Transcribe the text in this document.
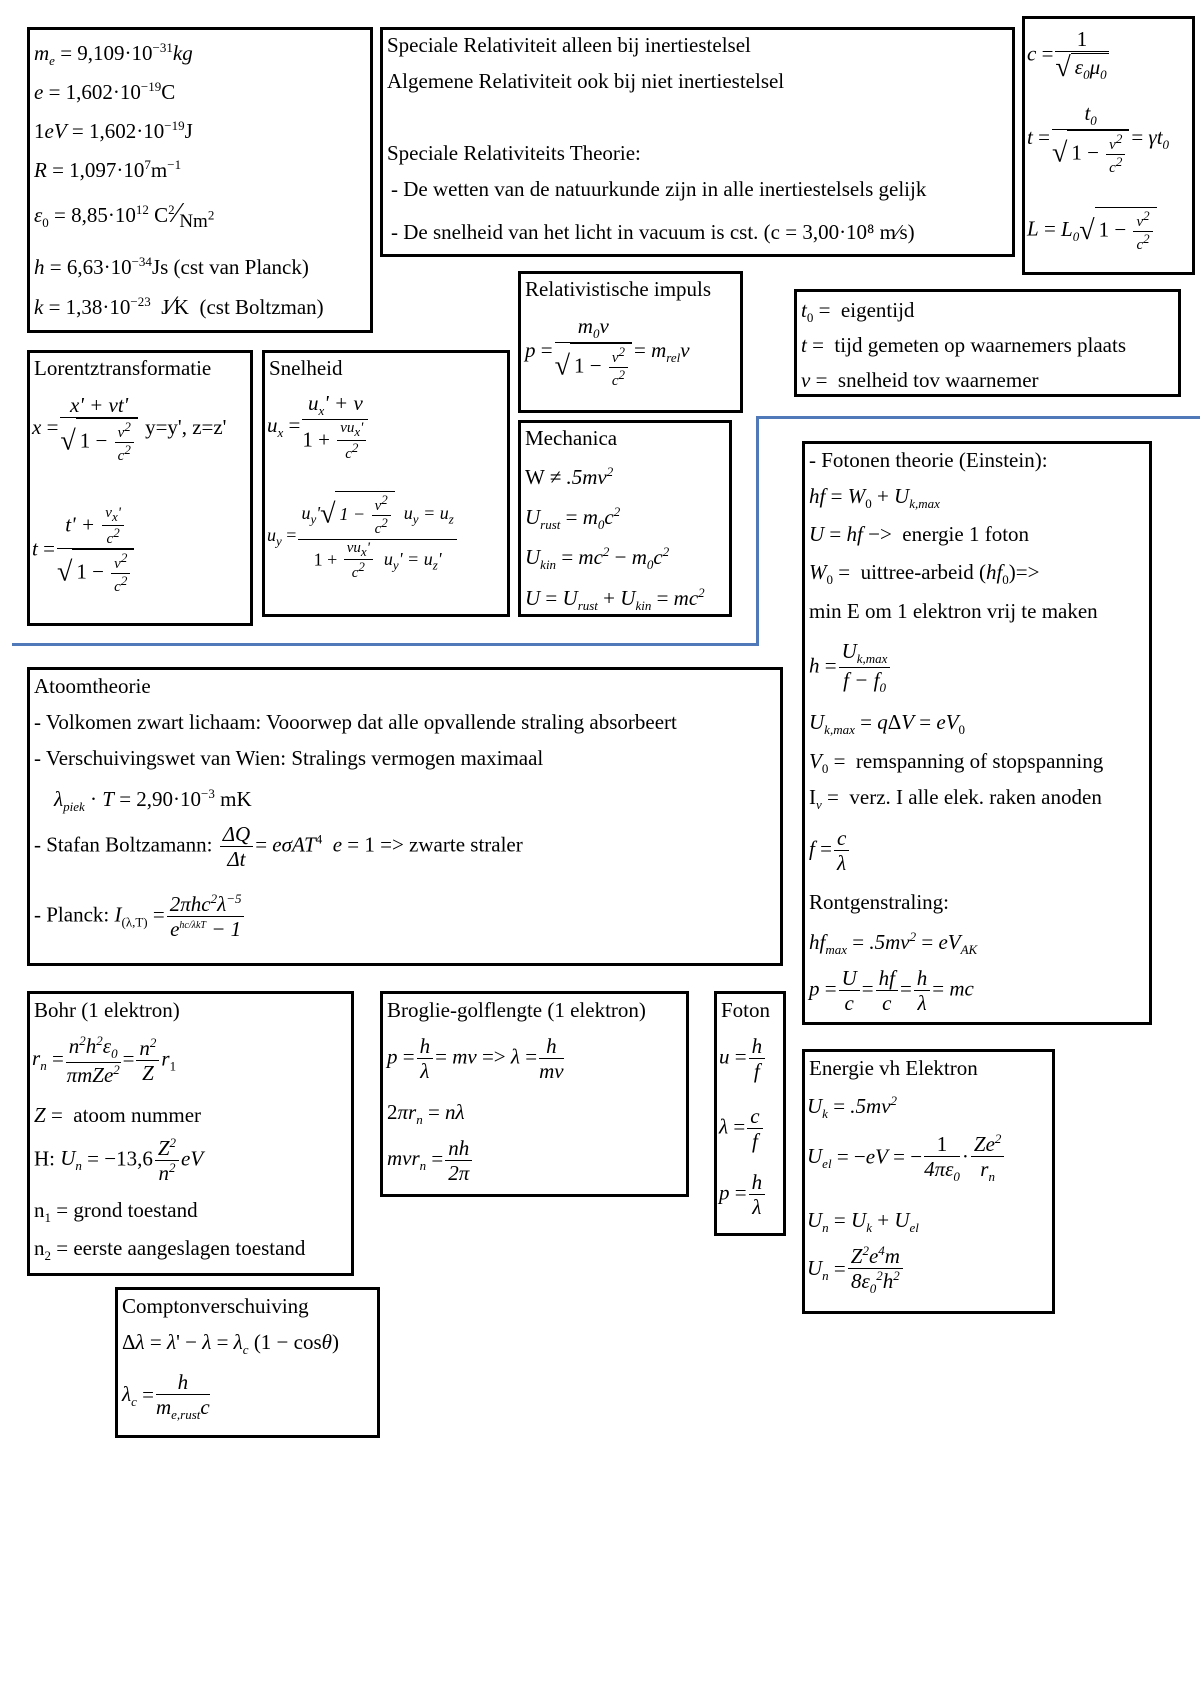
$m_e = 9,109\cdot 10^{-31}kg$
$e = 1,602\cdot 10^{-19}C$
$1eV = 1,602\cdot 10^{-19}J$
$R = 1,097\cdot 10^7m^{-1}$
$\varepsilon_0 = 8,85\cdot 10^{12}$ $C^2⁄_{Nm^2}$
$h = 6,63\cdot 10^{-34}Js$ (cst van Planck)
$k = 1,38\cdot 10^{-23}$  J⁄K  (cst Boltzman)
Speciale Relativiteit alleen bij inertiestelsel
Algemene Relativiteit ook bij niet inertiestelsel
Speciale Relativiteits Theorie:
- De wetten van de natuurkunde zijn in alle inertiestelsels gelijk
- De snelheid van het licht in vacuum is cst. (c = 3,00·10⁸ m⁄s)
$c = \frac{1}{√ \varepsilon_0\mu_0}$
$t = \frac{t_0}{√ 1 - \frac{v^2}{c^2}} = \gamma t_0$
$L = L_0√$ $1 - \frac{v^2}{c^2}$
Relativistische impuls
$p = \frac{m_0v}{√ 1 - \frac{v^2}{c^2}} = m_{rel}v$
$t_0$ =  eigentijd
t =  tijd gemeten op waarnemers plaats
v =  snelheid tov waarnemer
Lorentztransformatie
$x = \frac{x' + vt'}{√ 1 - \frac{v^2}{c^2}} y=y'$, z=z'
$t = \frac{t' + \frac{v_x'}{c^2}}{√ 1 - \frac{v^2}{c^2}}$
Snelheid
$u_x = \frac{u_x' + v}{1 + \frac{vu_x'}{c^2}}$
$u_y = \frac{u_y'√ 1 - \frac{v^2}{c^2} u_y = u_z}{1 + \frac{vu_x'}{c^2} u_y' = u_z'}$
Mechanica
$W \ne .5mv^2$
$U_{rust} = m_0c^2$
$U_{kin} = mc^2 - m_0c^2$
$U = U_{rust} + U_{kin} = mc^2$
- Fotonen theorie (Einstein):
hf = $W_0 + U_{k,max}$
U = hf −>  energie 1 foton
$W_0$ =  uittree-arbeid $(hf_0)=>$
min E om 1 elektron vrij te maken
$h = \frac{U_{k,max}}{f - f_0}$
$U_{k,max} = q\Delta V = eV_0$
$V_0$ =  remspanning of stopspanning
$I_v$ =  verz. I alle elek. raken anoden
$f = \frac{c}{\lambda}$
Rontgenstraling:
$hf_{max} = .5mv^2 = eV_{AK}$
$p = \frac{U}{c} = \frac{hf}{c} = \frac{h}{\lambda}$ = mc
Atoomtheorie
- Volkomen zwart lichaam: Vooorwep dat alle opvallende straling absorbeert
- Verschuivingswet van Wien: Stralings vermogen maximaal
$\lambda_{piek} \cdot T = 2,90\cdot 10^{-3}$ mK
- Stafan Boltzamann: $\frac{\Delta Q}{\Delta t} = e\sigma AT^4$ e = 1 => zwarte straler
- Planck: $I_{(\lambda,T)} = \frac{2\pi hc^2\lambda^{-5}}{e^{hc/\lambda kT} - 1}$
Bohr (1 elektron)
$r_n = \frac{n^2h^2\varepsilon_0}{\pi mZe^2} = \frac{n^2}{Z} r_1$
Z =  atoom nummer
H: $U_n = -13,6 \frac{Z^2}{n^2}$ eV
$n_1$ = grond toestand
$n_2$ = eerste aangeslagen toestand
Broglie-golflengte (1 elektron)
$p = \frac{h}{\lambda}$ = mv => $\lambda = \frac{h}{mv}$
$2\pi r_n = n\lambda$
$mvr_n = \frac{nh}{2\pi}$
Foton
$u = \frac{h}{f}$
$\lambda = \frac{c}{f}$
$p = \frac{h}{\lambda}$
Energie vh Elektron
$U_k = .5mv^2$
$U_{el} = -eV$ = − $\frac{1}{4\pi\varepsilon_0} \cdot \frac{Ze^2}{r_n}$
$U_n = U_k + U_{el}$
$U_n = \frac{Z^2e^4m}{8\varepsilon_0^2h^2}$
Comptonverschuiving
$\Delta\lambda = \lambda' - \lambda = \lambda_c$ (1 − cosθ)
$\lambda_c = \frac{h}{m_{e,rust}c}$
